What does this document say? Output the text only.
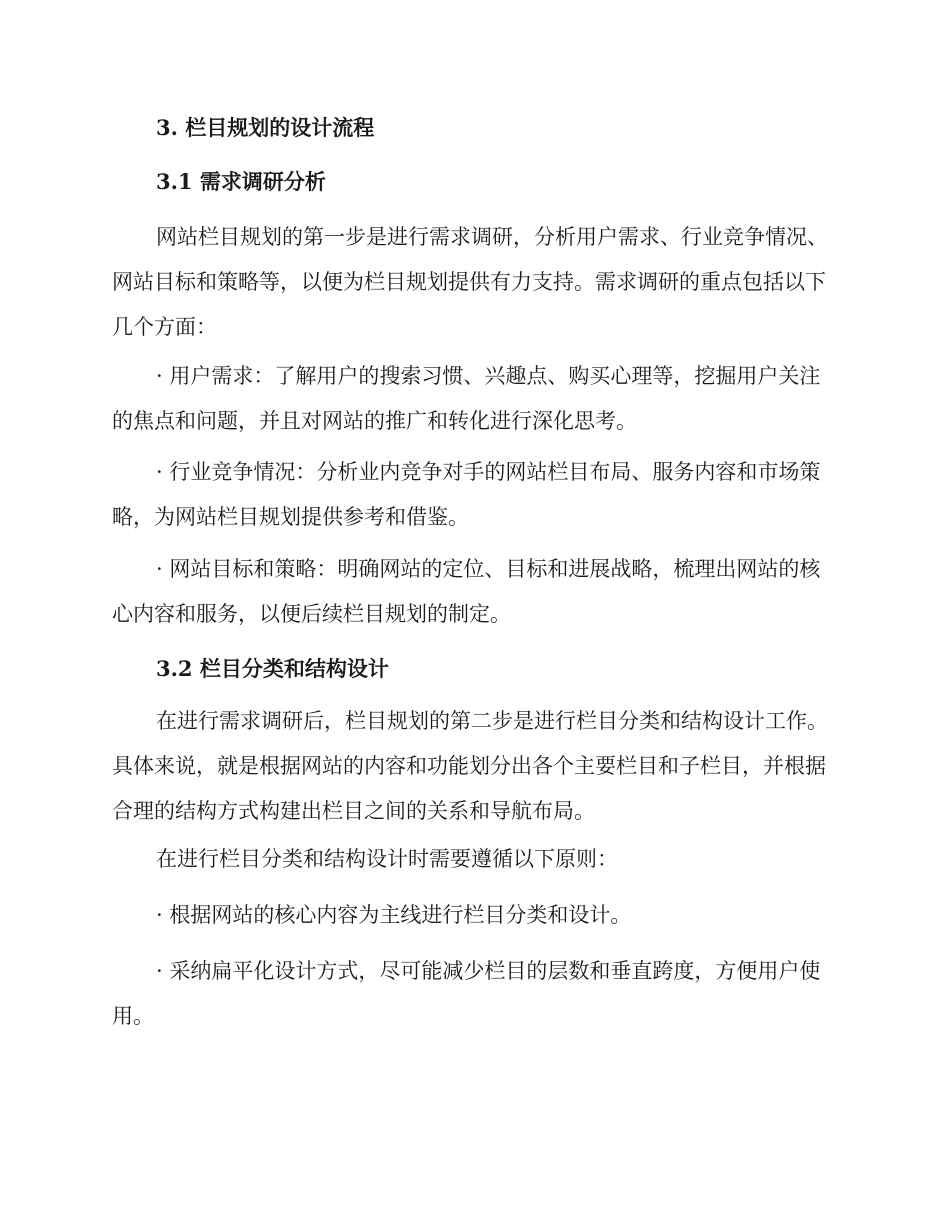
3. 栏目规划的设计流程
3.1 需求调研分析

网站栏目规划的第一步是进行需求调研，分析用户需求、行业竞争情况、网站目标和策略等，以便为栏目规划提供有力支持。需求调研的重点包括以下几个方面：

· 用户需求：了解用户的搜索习惯、兴趣点、购买心理等，挖掘用户关注的焦点和问题，并且对网站的推广和转化进行深化思考。

· 行业竞争情况：分析业内竞争对手的网站栏目布局、服务内容和市场策略，为网站栏目规划提供参考和借鉴。

· 网站目标和策略：明确网站的定位、目标和进展战略，梳理出网站的核心内容和服务，以便后续栏目规划的制定。

3.2 栏目分类和结构设计

在进行需求调研后，栏目规划的第二步是进行栏目分类和结构设计工作。具体来说，就是根据网站的内容和功能划分出各个主要栏目和子栏目，并根据合理的结构方式构建出栏目之间的关系和导航布局。

在进行栏目分类和结构设计时需要遵循以下原则：

· 根据网站的核心内容为主线进行栏目分类和设计。

· 采纳扁平化设计方式，尽可能减少栏目的层数和垂直跨度，方便用户使用。
